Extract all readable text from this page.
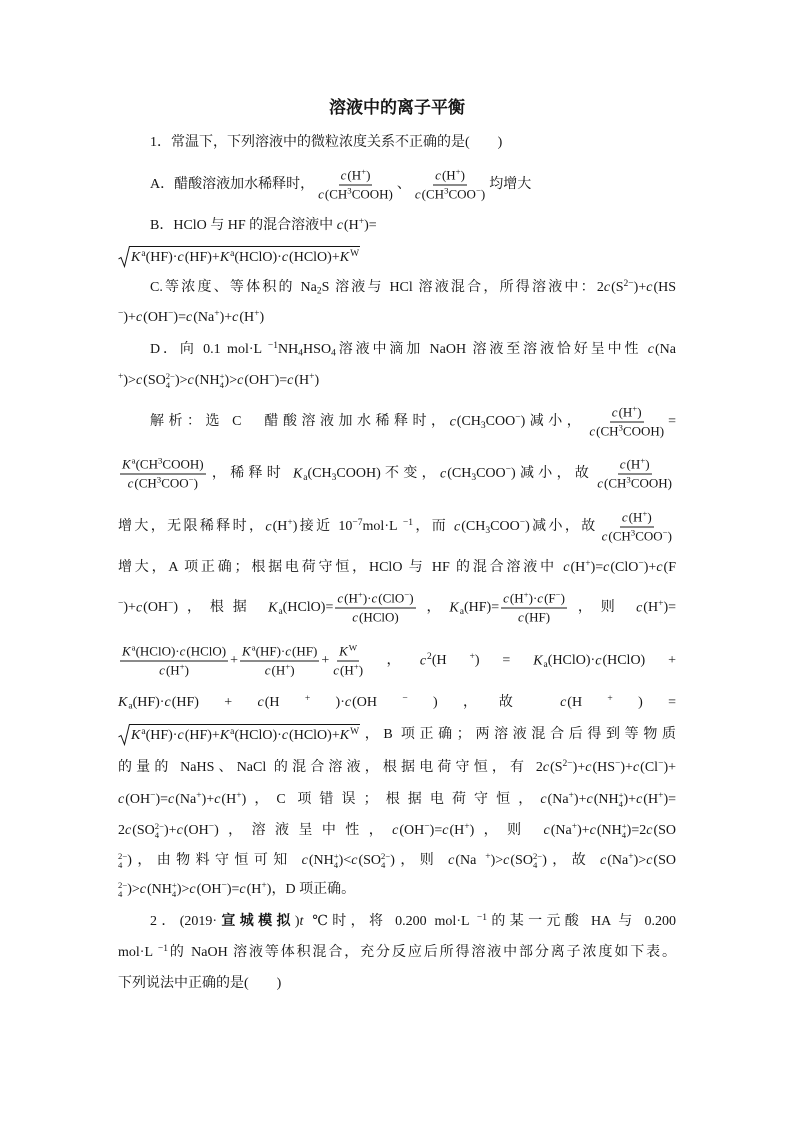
溶液中的离子平衡
1．常温下，下列溶液中的微粒浓度关系不正确的是(　　)
A．醋酸溶液加水稀释时， $\frac{c(H^+)}{c(CH^3COOH)}$ 、 $\frac{c(H^+)}{c(CH^3COO^-)}$ 均增大
B．HClO 与 HF 的混合溶液中 c(H+)=
$K^a(HF)\cdot c(HF)+K^a(HClO)\cdot c(HClO)+K^W$
C.等浓度、等体积的 $Na_2S$ 溶液与 HCl 溶液混合，所得溶液中：$2c(S^{2-})+c(HS$
−)+c(OH−)=c(Na+)+c(H+)
D．向 0.1 mol·L $^{-1}NH_4HSO_4$溶液中滴加 NaOH 溶液至溶液恰好呈中性 c(Na
+)>c(SO 2−
4 )>c(NH +
4 )>c(OH−)=c(H+)
解析：选 C　醋酸溶液加水稀释时，$c(CH_3COO^-)$减小， $\frac{c(H^+)}{c(CH^3COOH)}$ =
$\frac{K^a(CH^3COOH)}{c(CH^3COO^-)}$ ，稀释时 $K_a(CH_3COOH)$不变，$c(CH_3COO^-)$减小，故 $\frac{c(H^+)}{c(CH^3COOH)}$
增大，无限稀释时，c(H+)接近 $10^{-7}mol\cdot L$ $^{-1}$，而 $c(CH_3COO^-)$减小，故 $\frac{c(H^+)}{c(CH^3COO^-)}$
增大，A 项正确；根据电荷守恒，HClO 与 HF 的混合溶液中 c(H+)=c(ClO−)+c(F
−)+c(OH−)，根据 $K_a(HClO)= \frac{c(H^+)\cdot c(ClO^-)}{\text{c(HClO)}}$ ，$K_a(HF)= \frac{c(H^+)\cdot c(F^-)}{c(HF)}$ ，则 c(H+)=
$\frac{K^a(HClO)\cdot c(HClO)}{c(H^+)} + \frac{K^a(HF)\cdot c(HF)}{c(H^+)} + \frac{K^W}{c(H^+)}$ ，$c^2(H$ $^+) = K_a(HClO)\cdot c(HClO)$ +
$K_a(HF)\cdot c(HF) + c(H$ + )·c(OH − ) ，故 c(H + ) =
$K^a(HF)\cdot c(HF)+K^a(HClO)\cdot c(HClO)+K^W$ ，B 项正确；两溶液混合后得到等物质
的量的 NaHS、NaCl 的混合溶液，根据电荷守恒，有 $2c(S^{2-})+c(HS^-)+c(Cl^-)+$
c(OH−)=c(Na+)+c(H+)，C 项错误；根据电荷守恒，c(Na+)+c(NH +
4 )+c(H+)=
2c(SO 2−
4 )+c(OH−)，溶液呈中性，c(OH−)=c(H+)，则 c(Na+)+c(NH +
4 )=2c(SO
2−
4 )，由物料守恒可知 c(NH +
4 )<c(SO 2−
4 )，则 c(Na +)>c(SO 2−
4 )，故 c(Na+)>c(SO
2−
4 )>c(NH +
4 )>c(OH−)=c(H+)，D 项正确。
2．(2019·宣城模拟)t ℃时，将 0.200 mol·L $^{-1}$的某一元酸 HA 与 0.200
mol·L $^{-1}$的 NaOH 溶液等体积混合，充分反应后所得溶液中部分离子浓度如下表。
下列说法中正确的是(　　)
